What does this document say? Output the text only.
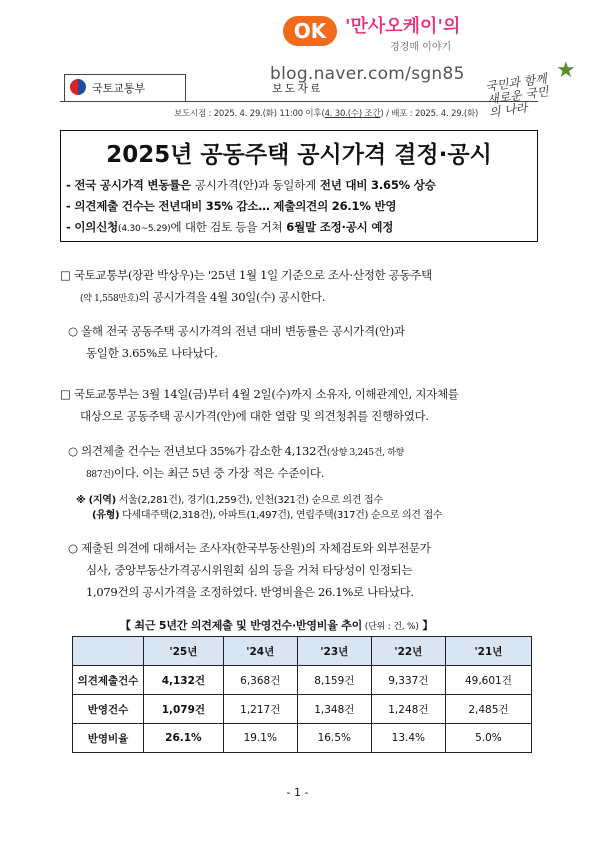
OK	'만사오케이'의
경경매 이야기
blog.naver.com/sgn85 국민과 함께 새로운 국민의 나라
★
국토교통부	보도자료
보도시점 : 2025. 4. 29.(화) 11:00 이후(4. 30.(수) 조간) / 배포 : 2025. 4. 29.(화)
2025년 공동주택 공시가격 결정·공시
- 전국 공시가격 변동률은 공시가격(안)과 동일하게 전년 대비 3.65% 상승
- 의견제출 건수는 전년대비 35% 감소… 제출의견의 26.1% 반영
- 이의신청(4.30~5.29)에 대한 검토 등을 거쳐 6월말 조정·공시 예정
□ 국토교통부(장관 박상우)는 '25년 1월 1일 기준으로 조사·산정한 공동주택
(약 1,558만호)의 공시가격을 4월 30일(수) 공시한다.
○ 올해 전국 공동주택 공시가격의 전년 대비 변동률은 공시가격(안)과
동일한 3.65%로 나타났다.
□ 국토교통부는 3월 14일(금)부터 4월 2일(수)까지 소유자, 이해관계인, 지자체를
대상으로 공동주택 공시가격(안)에 대한 열람 및 의견청취를 진행하였다.
○ 의견제출 건수는 전년보다 35%가 감소한 4,132건(상향 3,245건, 하향
887건)이다. 이는 최근 5년 중 가장 적은 수준이다.
※ (지역) 서울(2,281건), 경기(1,259건), 인천(321건) 순으로 의견 접수
(유형) 다세대주택(2,318건), 아파트(1,497건), 연립주택(317건) 순으로 의견 접수
○ 제출된 의견에 대해서는 조사자(한국부동산원)의 자체검토와 외부전문가
심사, 중앙부동산가격공시위원회 심의 등을 거쳐 타당성이 인정되는
1,079건의 공시가격을 조정하였다. 반영비율은 26.1%로 나타났다.
【 최근 5년간 의견제출 및 반영건수·반영비율 추이 (단위 : 건, %) 】
	'25년	'24년	'23년	'22년	'21년
의견제출건수	4,132건	6,368건	8,159건	9,337건	49,601건
반영건수	1,079건	1,217건	1,348건	1,248건	2,485건
반영비율	26.1%	19.1%	16.5%	13.4%	5.0%
- 1 -
